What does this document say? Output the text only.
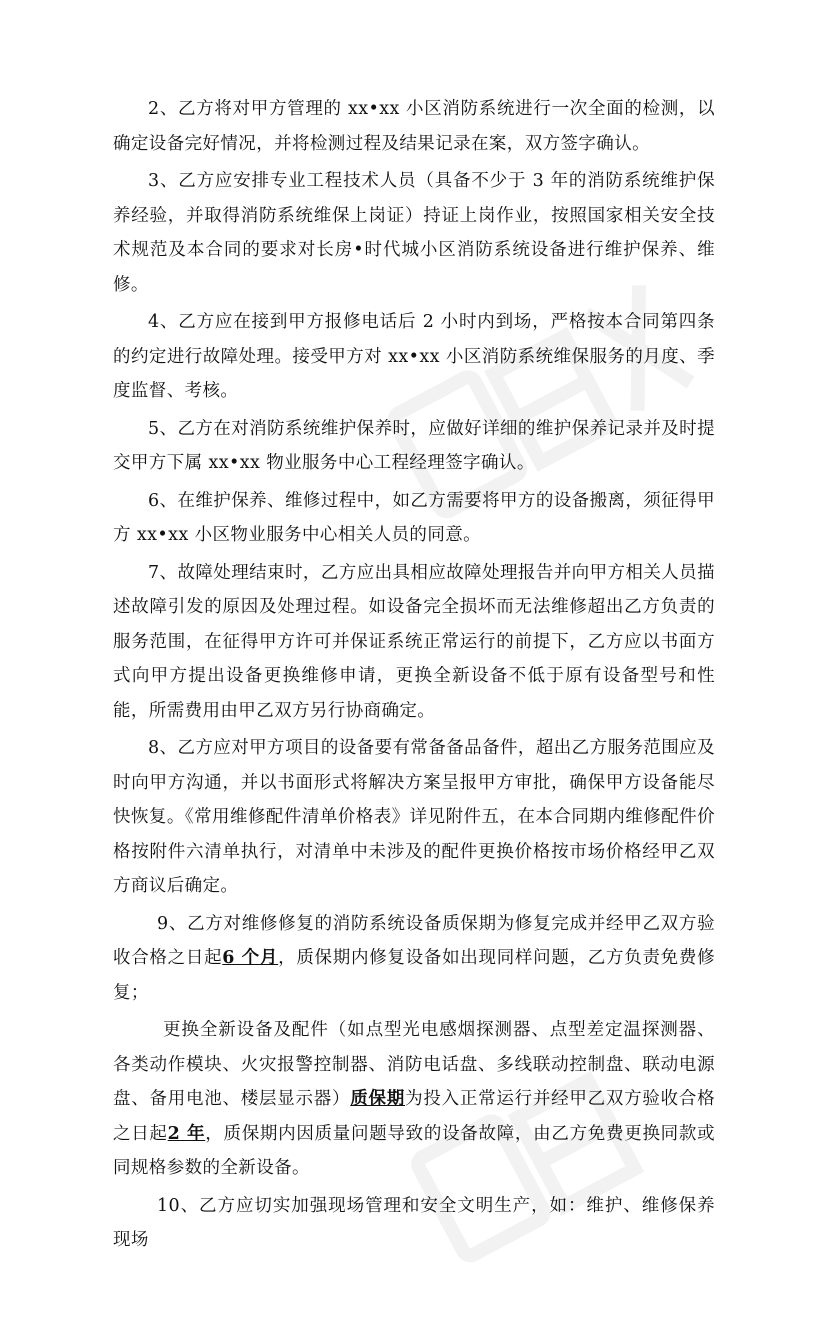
2、乙方将对甲方管理的 xx•xx 小区消防系统进行一次全面的检测，以确定设备完好情况，并将检测过程及结果记录在案，双方签字确认。

3、乙方应安排专业工程技术人员（具备不少于 3 年的消防系统维护保养经验，并取得消防系统维保上岗证）持证上岗作业，按照国家相关安全技术规范及本合同的要求对长房•时代城小区消防系统设备进行维护保养、维修。

4、乙方应在接到甲方报修电话后 2 小时内到场，严格按本合同第四条的约定进行故障处理。接受甲方对 xx•xx 小区消防系统维保服务的月度、季度监督、考核。

5、乙方在对消防系统维护保养时，应做好详细的维护保养记录并及时提交甲方下属 xx•xx 物业服务中心工程经理签字确认。

6、在维护保养、维修过程中，如乙方需要将甲方的设备搬离，须征得甲方 xx•xx 小区物业服务中心相关人员的同意。

7、故障处理结束时，乙方应出具相应故障处理报告并向甲方相关人员描述故障引发的原因及处理过程。如设备完全损坏而无法维修超出乙方负责的服务范围，在征得甲方许可并保证系统正常运行的前提下，乙方应以书面方式向甲方提出设备更换维修申请，更换全新设备不低于原有设备型号和性能，所需费用由甲乙双方另行协商确定。

8、乙方应对甲方项目的设备要有常备备品备件，超出乙方服务范围应及时向甲方沟通，并以书面形式将解决方案呈报甲方审批，确保甲方设备能尽快恢复。《常用维修配件清单价格表》详见附件五，在本合同期内维修配件价格按附件六清单执行，对清单中未涉及的配件更换价格按市场价格经甲乙双方商议后确定。

9、乙方对维修修复的消防系统设备质保期为修复完成并经甲乙双方验收合格之日起6 个月，质保期内修复设备如出现同样问题，乙方负责免费修复；

更换全新设备及配件（如点型光电感烟探测器、点型差定温探测器、各类动作模块、火灾报警控制器、消防电话盘、多线联动控制盘、联动电源盘、备用电池、楼层显示器）质保期为投入正常运行并经甲乙双方验收合格之日起2 年，质保期内因质量问题导致的设备故障，由乙方免费更换同款或同规格参数的全新设备。

10、乙方应切实加强现场管理和安全文明生产，如：维护、维修保养现场
